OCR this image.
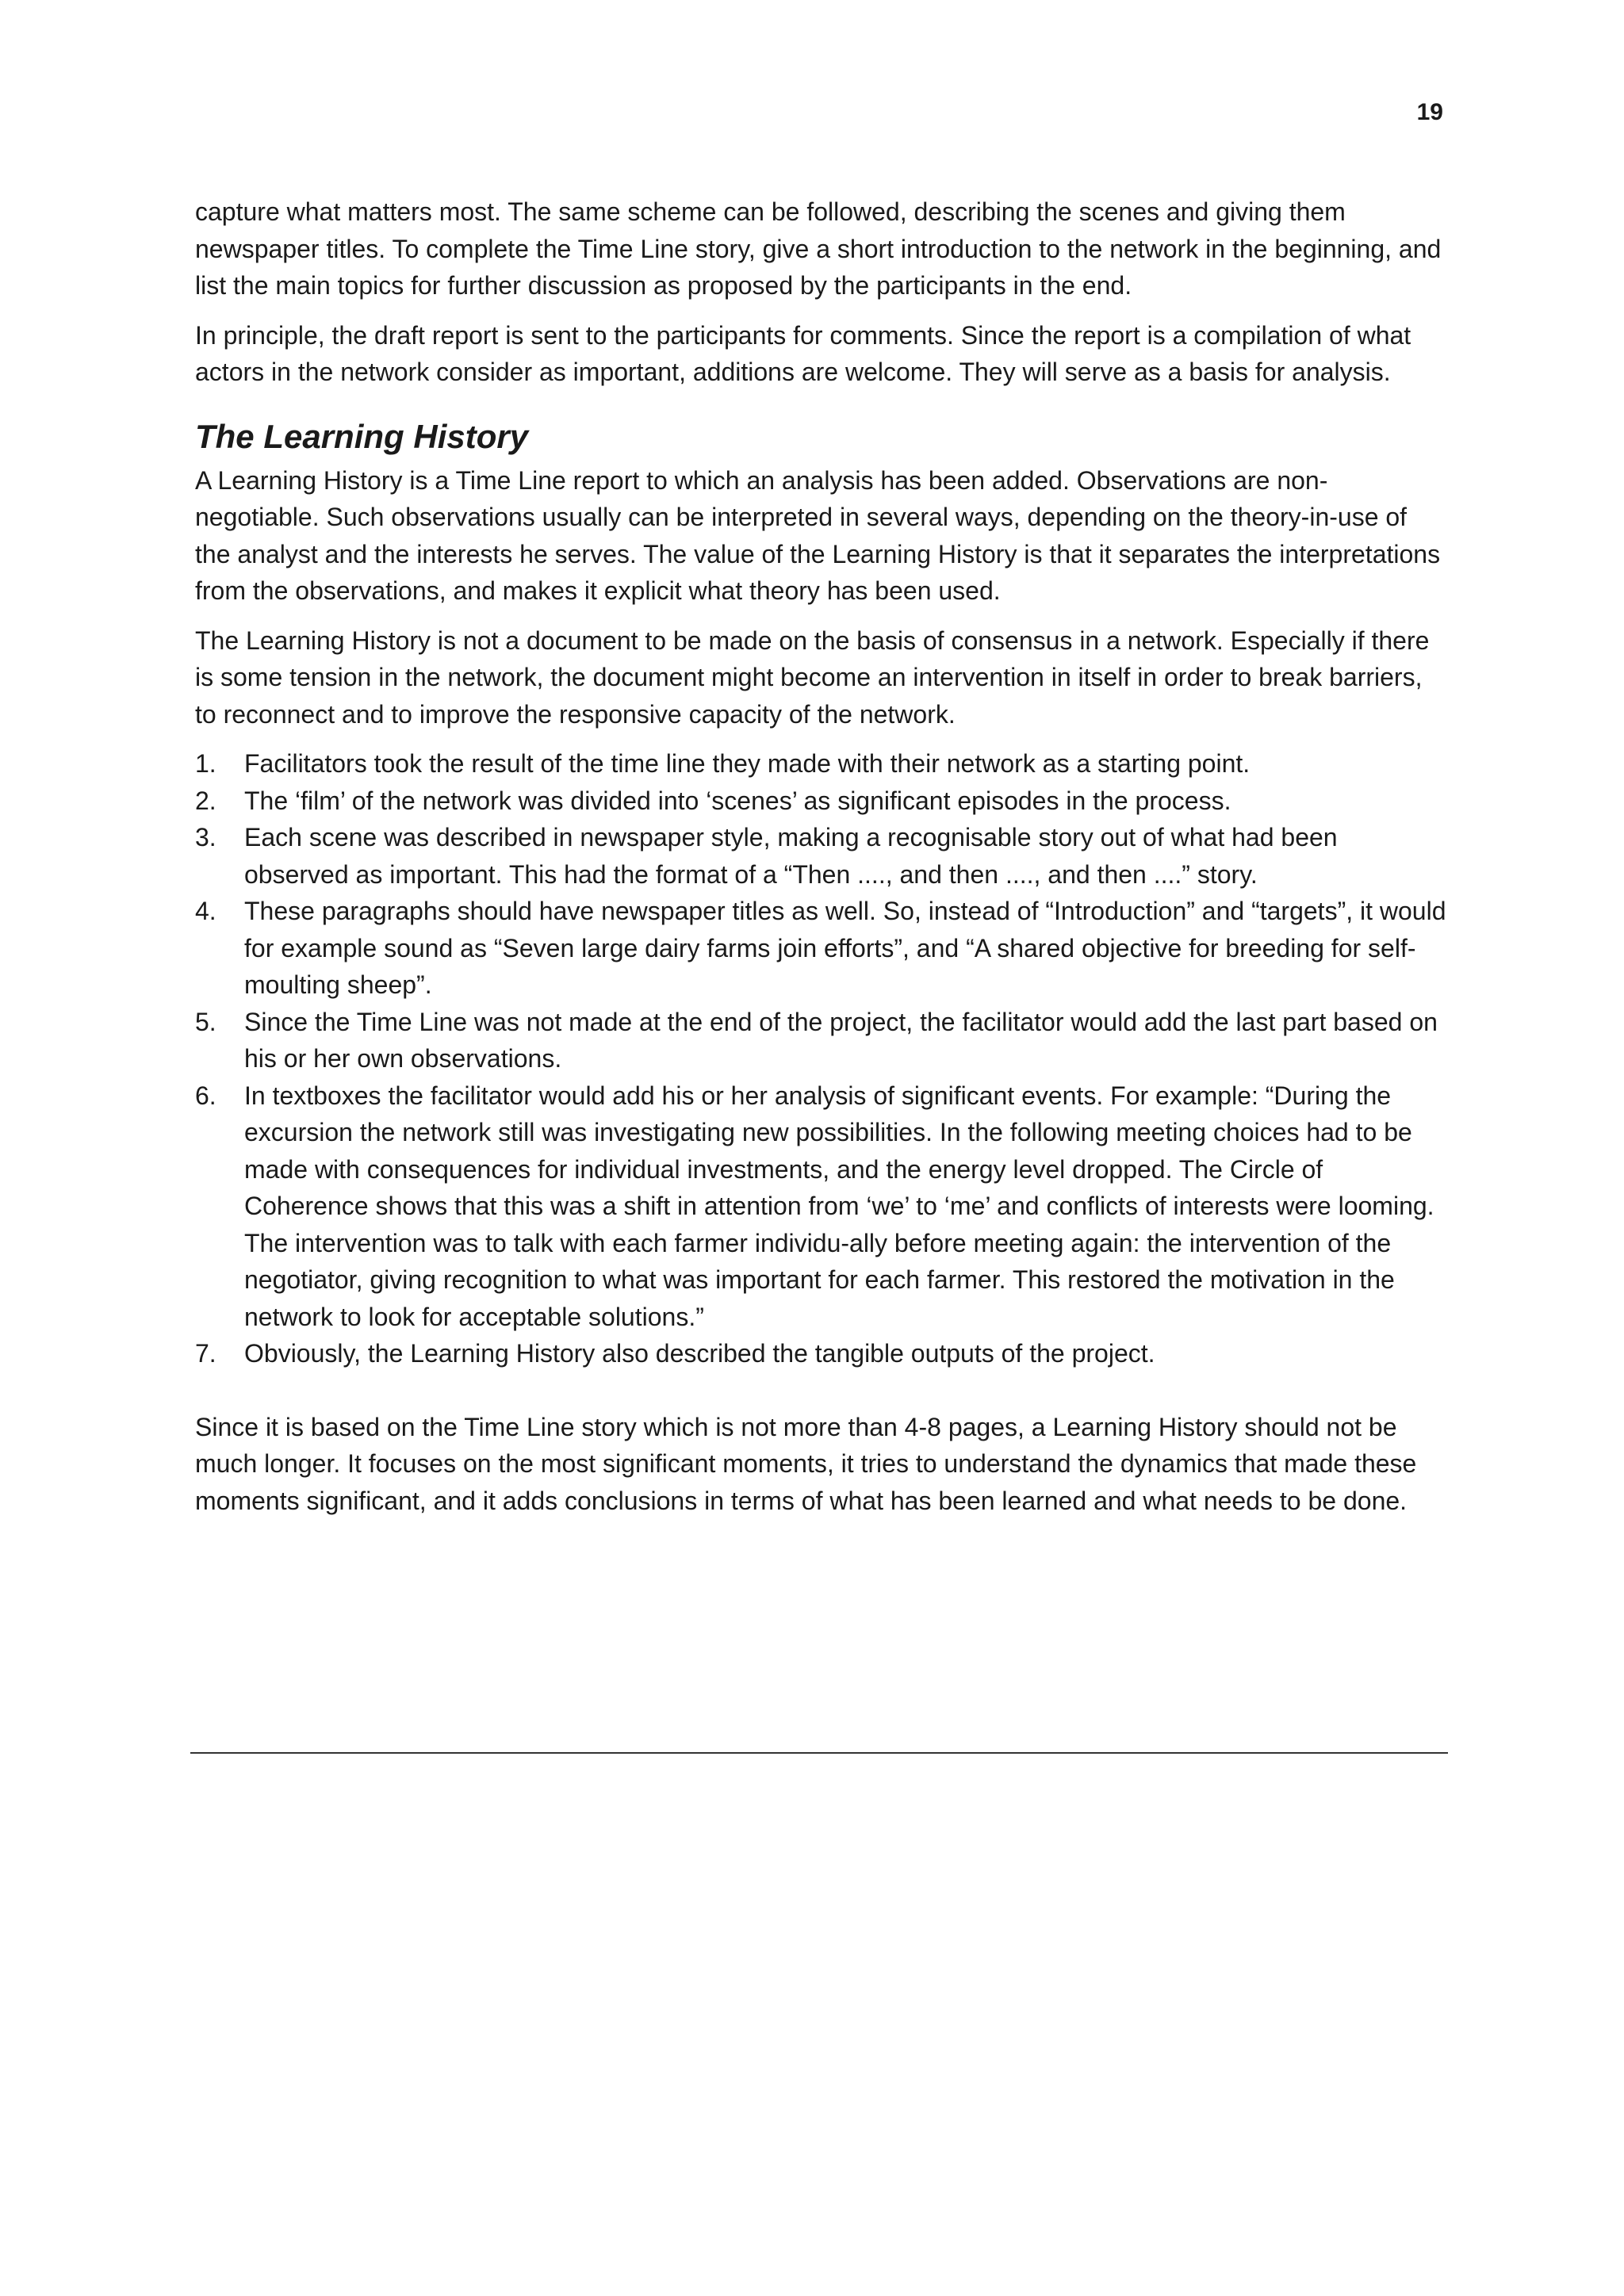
19

capture what matters most. The same scheme can be followed, describing the scenes and giving them newspaper titles. To complete the Time Line story, give a short introduction to the network in the beginning, and list the main topics for further discussion as proposed by the participants in the end.

In principle, the draft report is sent to the participants for comments. Since the report is a compilation of what actors in the network consider as important, additions are welcome. They will serve as a basis for analysis.

The Learning History

A Learning History is a Time Line report to which an analysis has been added. Observations are non-negotiable. Such observations usually can be interpreted in several ways, depending on the theory-in-use of the analyst and the interests he serves. The value of the Learning History is that it separates the interpretations from the observations, and makes it explicit what theory has been used.

The Learning History is not a document to be made on the basis of consensus in a network. Especially if there is some tension in the network, the document might become an intervention in itself in order to break barriers, to reconnect and to improve the responsive capacity of the network.

1.	Facilitators took the result of the time line they made with their network as a starting point.
2.	The ‘film’ of the network was divided into ‘scenes’ as significant episodes in the process.
3.	Each scene was described in newspaper style, making a recognisable story out of what had been observed as important. This had the format of a “Then ...., and then ...., and then ....” story.
4.	These paragraphs should have newspaper titles as well. So, instead of “Introduction” and “targets”, it would for example sound as “Seven large dairy farms join efforts”, and “A shared objective for breeding for self-moulting sheep”.
5.	Since the Time Line was not made at the end of the project, the facilitator would add the last part based on his or her own observations.
6.	In textboxes the facilitator would add his or her analysis of significant events. For example: “During the excursion the network still was investigating new possibilities. In the following meeting choices had to be made with consequences for individual investments, and the energy level dropped. The Circle of Coherence shows that this was a shift in attention from ‘we’ to ‘me’ and conflicts of interests were looming. The intervention was to talk with each farmer individu-ally before meeting again: the intervention of the negotiator, giving recognition to what was important for each farmer. This restored the motivation in the network to look for acceptable solutions.”
7.	Obviously, the Learning History also described the tangible outputs of the project.

Since it is based on the Time Line story which is not more than 4-8 pages, a Learning History should not be much longer. It focuses on the most significant moments, it tries to understand the dynamics that made these moments significant, and it adds conclusions in terms of what has been learned and what needs to be done.
